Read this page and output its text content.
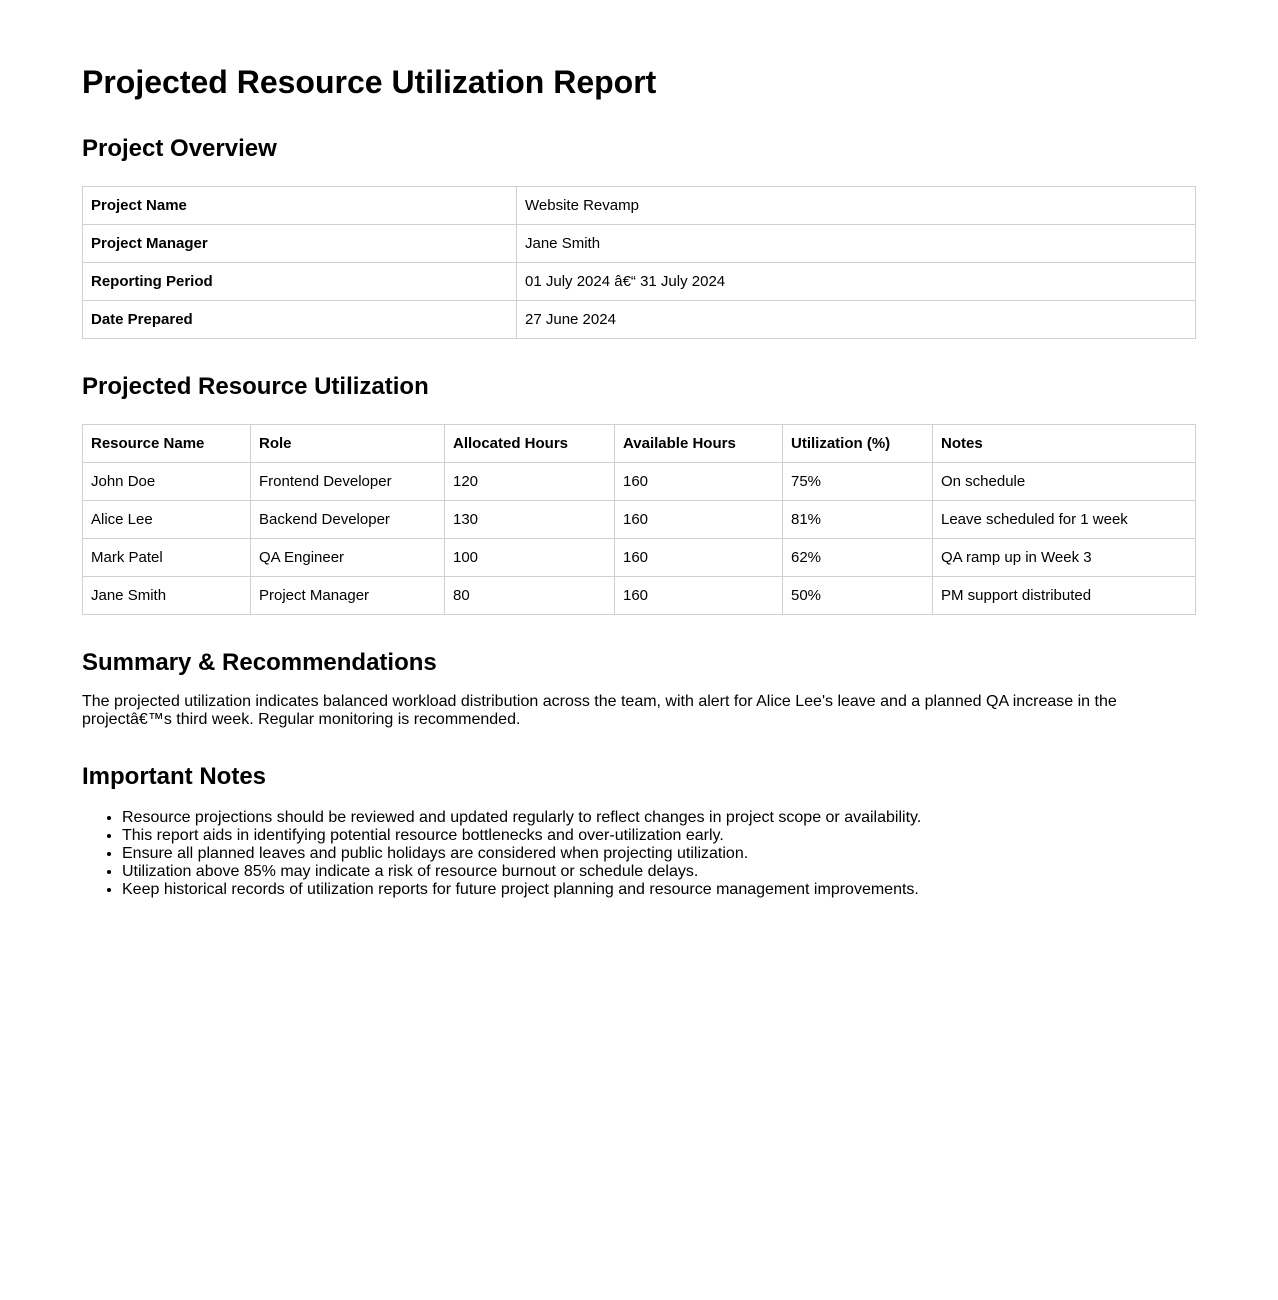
Projected Resource Utilization Report
Project Overview
Project Name	Website Revamp
Project Manager	Jane Smith
Reporting Period	01 July 2024 â€“ 31 July 2024
Date Prepared	27 June 2024
Projected Resource Utilization
Resource Name	Role	Allocated Hours	Available Hours	Utilization (%)	Notes
John Doe	Frontend Developer	120	160	75%	On schedule
Alice Lee	Backend Developer	130	160	81%	Leave scheduled for 1 week
Mark Patel	QA Engineer	100	160	62%	QA ramp up in Week 3
Jane Smith	Project Manager	80	160	50%	PM support distributed
Summary & Recommendations

The projected utilization indicates balanced workload distribution across the team, with alert for Alice Lee's leave and a planned QA increase in the projectâ€™s third week. Regular monitoring is recommended.

Important Notes
• Resource projections should be reviewed and updated regularly to reflect changes in project scope or availability.
• This report aids in identifying potential resource bottlenecks and over-utilization early.
• Ensure all planned leaves and public holidays are considered when projecting utilization.
• Utilization above 85% may indicate a risk of resource burnout or schedule delays.
• Keep historical records of utilization reports for future project planning and resource management improvements.
